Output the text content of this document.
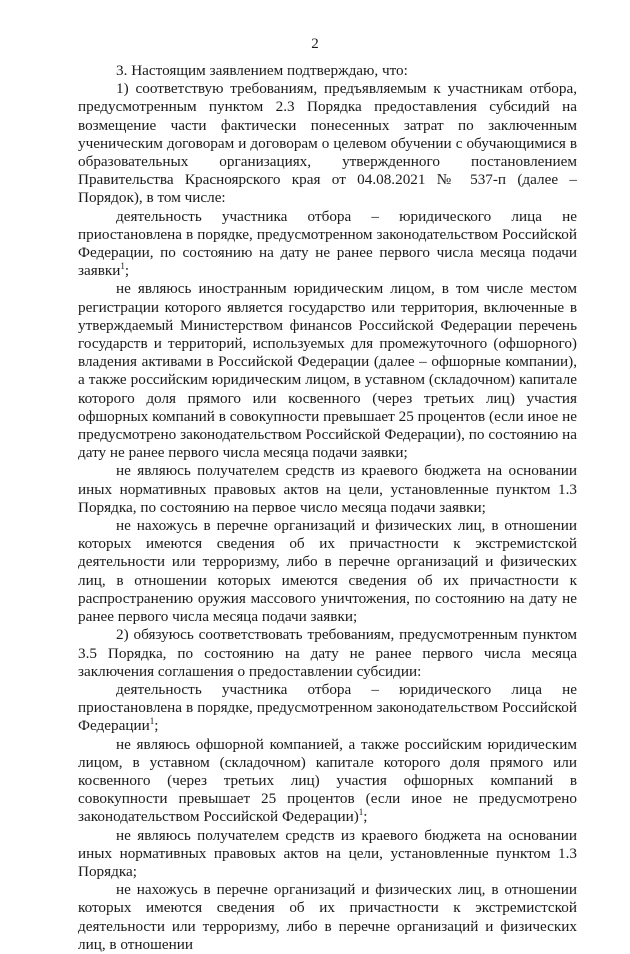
2

3. Настоящим заявлением подтверждаю, что:

1) соответствую требованиям, предъявляемым к участникам отбора, предусмотренным пунктом 2.3 Порядка предоставления субсидий на возмещение части фактически понесенных затрат по заключенным ученическим договорам и договорам о целевом обучении с обучающимися в образовательных организациях, утвержденного постановлением Правительства Красноярского края от 04.08.2021 № 537-п (далее – Порядок), в том числе:

деятельность участника отбора – юридического лица не приостановлена в порядке, предусмотренном законодательством Российской Федерации, по состоянию на дату не ранее первого числа месяца подачи заявки$^1$;

не являюсь иностранным юридическим лицом, в том числе местом регистрации которого является государство или территория, включенные в утверждаемый Министерством финансов Российской Федерации перечень государств и территорий, используемых для промежуточного (офшорного) владения активами в Российской Федерации (далее – офшорные компании), а также российским юридическим лицом, в уставном (складочном) капитале которого доля прямого или косвенного (через третьих лиц) участия офшорных компаний в совокупности превышает 25 процентов (если иное не предусмотрено законодательством Российской Федерации), по состоянию на дату не ранее первого числа месяца подачи заявки;

не являюсь получателем средств из краевого бюджета на основании иных нормативных правовых актов на цели, установленные пунктом 1.3 Порядка, по состоянию на первое число месяца подачи заявки;

не нахожусь в перечне организаций и физических лиц, в отношении которых имеются сведения об их причастности к экстремистской деятельности или терроризму, либо в перечне организаций и физических лиц, в отношении которых имеются сведения об их причастности к распространению оружия массового уничтожения, по состоянию на дату не ранее первого числа месяца подачи заявки;

2) обязуюсь соответствовать требованиям, предусмотренным пунктом 3.5 Порядка, по состоянию на дату не ранее первого числа месяца заключения соглашения о предоставлении субсидии:

деятельность участника отбора – юридического лица не приостановлена в порядке, предусмотренном законодательством Российской Федерации$^1$;

не являюсь офшорной компанией, а также российским юридическим лицом, в уставном (складочном) капитале которого доля прямого или косвенного (через третьих лиц) участия офшорных компаний в совокупности превышает 25 процентов (если иное не предусмотрено законодательством Российской Федерации)$^1$;

не являюсь получателем средств из краевого бюджета на основании иных нормативных правовых актов на цели, установленные пунктом 1.3 Порядка;

не нахожусь в перечне организаций и физических лиц, в отношении которых имеются сведения об их причастности к экстремистской деятельности или терроризму, либо в перечне организаций и физических лиц, в отношении
